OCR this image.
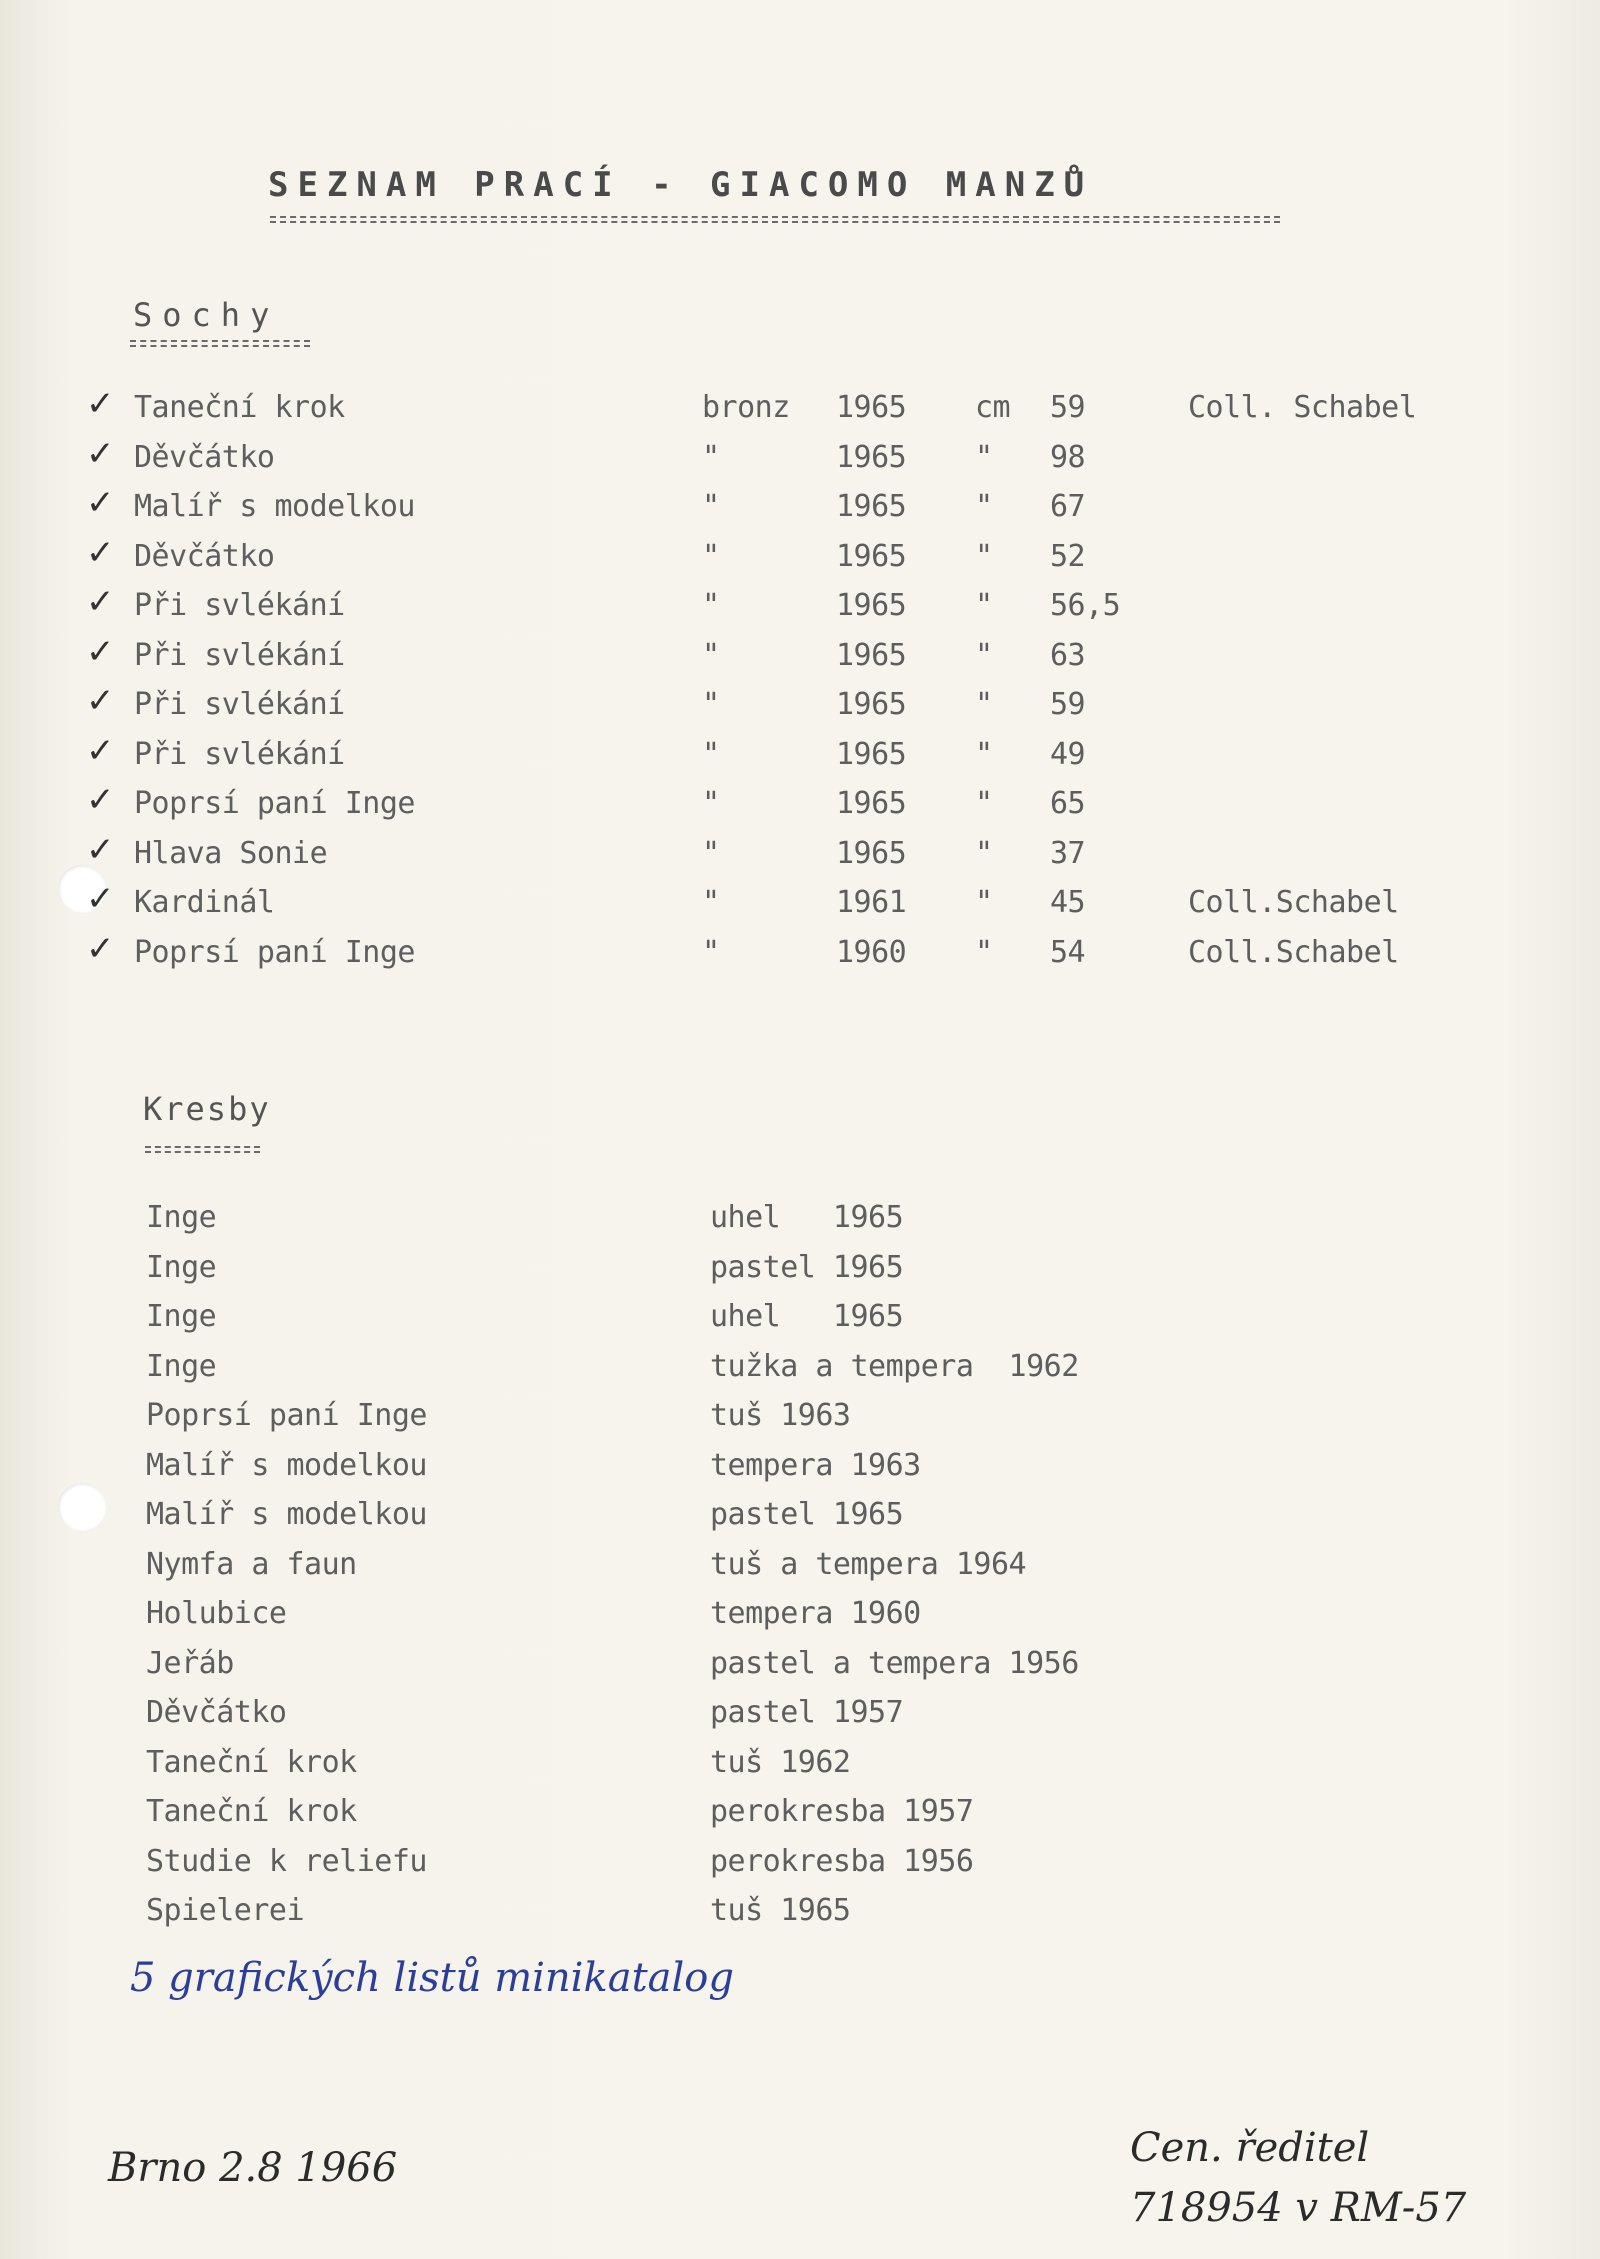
SEZNAM PRACÍ - GIACOMO MANZŮ
Sochy
✓ Taneční krok	bronz 1965 cm 59	Coll. Schabel
✓ Děvčátko	"	1965 " 98
✓ Malíř s modelkou	"	1965 " 67
✓ Děvčátko	"	1965 " 52
✓ Při svlékání	"	1965 " 56,5
✓ Při svlékání	"	1965 " 63
✓ Při svlékání	"	1965 " 59
✓ Při svlékání	"	1965 " 49
✓ Poprsí paní Inge	"	1965 " 65
✓ Hlava Sonie	"	1965 " 37
✓ Kardinál	"	1961 " 45	Coll.Schabel
✓ Poprsí paní Inge	"	1960 " 54	Coll.Schabel
Kresby
Inge	uhel   1965
Inge	pastel 1965
Inge	uhel   1965
Inge	tužka a tempera  1962
Poprsí paní Inge	tuš 1963
Malíř s modelkou	tempera 1963
Malíř s modelkou	pastel 1965
Nymfa a faun	tuš a tempera 1964
Holubice	tempera 1960
Jeřáb	pastel a tempera 1956
Děvčátko	pastel 1957
Taneční krok	tuš 1962
Taneční krok	perokresba 1957
Studie k reliefu	perokresba 1956
Spielerei	tuš 1965
5 grafických listů minikatalog
Brno 2.8 1966	Cen. ředitel
718954 v RM-57
